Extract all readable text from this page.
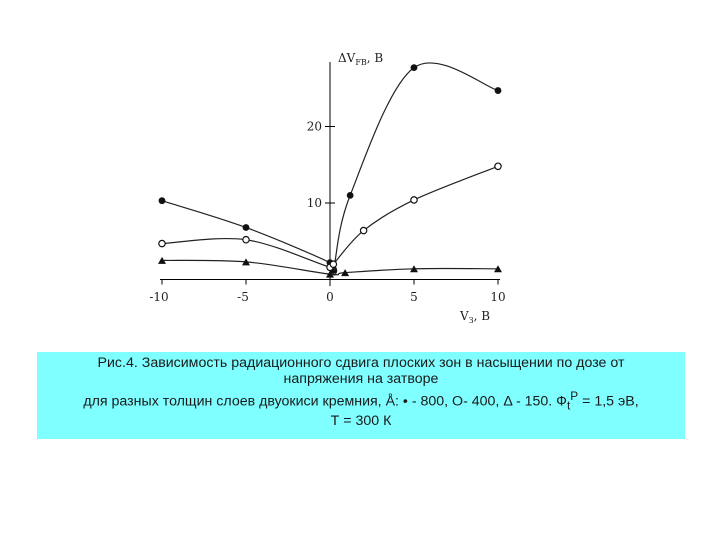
-10	-5	0	5	10
10
20
$\Delta V_{FB}$, В
$V_З$, В
Рис.4. Зависимость радиационного сдвига плоских зон в насыщении по дозе от
напряжения на затворе
для разных толщин слоев двуокиси кремния, Å: • - 800, О- 400, Δ - 150. $Ф_t^P = 1,5$ эВ,
Т = 300 К
